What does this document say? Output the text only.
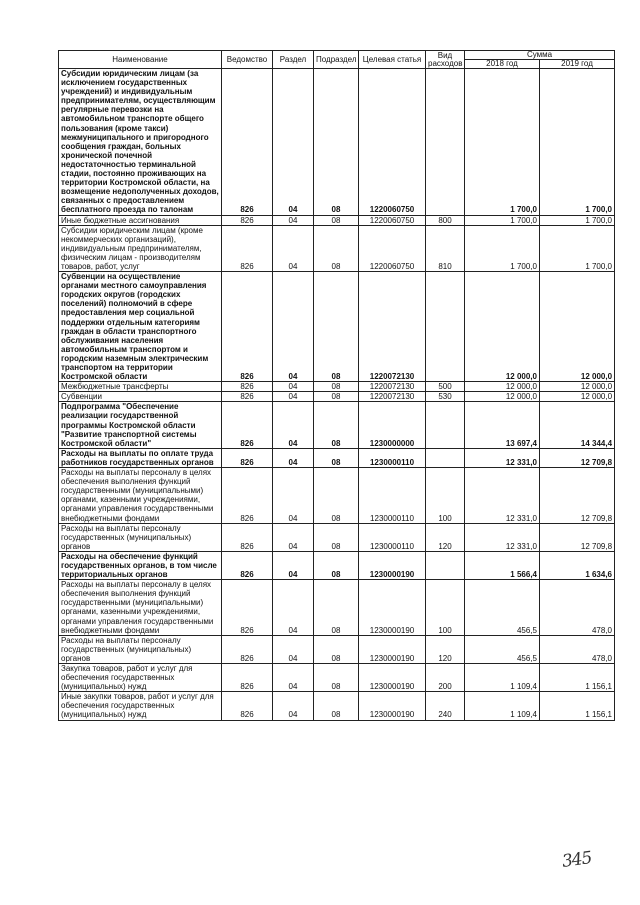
Наименование	Ведомство	Раздел	Подраздел	Целевая статья	Вид расходов	Сумма	
						2018 год	2019 год
Субсидии юридическим лицам (за исключением государственных учреждений) и индивидуальным предпринимателям, осуществляющим регулярные перевозки на автомобильном транспорте общего пользования (кроме такси) межмуниципального и пригородного сообщения граждан, больных хронической почечной недостаточностью терминальной стадии, постоянно проживающих на территории Костромской области, на возмещение недополученных доходов, связанных с предоставлением бесплатного проезда по талонам	826	04	08	1220060750		1 700,0	1 700,0
Иные бюджетные ассигнования	826	04	08	1220060750	800	1 700,0	1 700,0
Субсидии юридическим лицам (кроме некоммерческих организаций), индивидуальным предпринимателям, физическим лицам - производителям товаров, работ, услуг	826	04	08	1220060750	810	1 700,0	1 700,0
Субвенции на осуществление органами местного самоуправления городских округов (городских поселений) полномочий в сфере предоставления мер социальной поддержки отдельным категориям граждан в области транспортного обслуживания населения автомобильным транспортом и городским наземным электрическим транспортом на территории Костромской области	826	04	08	1220072130		12 000,0	12 000,0
Межбюджетные трансферты	826	04	08	1220072130	500	12 000,0	12 000,0
Субвенции	826	04	08	1220072130	530	12 000,0	12 000,0
Подпрограмма "Обеспечение реализации государственной программы Костромской области "Развитие транспортной системы Костромской области"	826	04	08	1230000000		13 697,4	14 344,4
Расходы на выплаты по оплате труда работников государственных органов	826	04	08	1230000110		12 331,0	12 709,8
Расходы на выплаты персоналу в целях обеспечения выполнения функций государственными (муниципальными) органами, казенными учреждениями, органами управления государственными внебюджетными фондами	826	04	08	1230000110	100	12 331,0	12 709,8
Расходы на выплаты персоналу государственных (муниципальных) органов	826	04	08	1230000110	120	12 331,0	12 709,8
Расходы на обеспечение функций государственных органов, в том числе территориальных органов	826	04	08	1230000190		1 566,4	1 634,6
Расходы на выплаты персоналу в целях обеспечения выполнения функций государственными (муниципальными) органами, казенными учреждениями, органами управления государственными внебюджетными фондами	826	04	08	1230000190	100	456,5	478,0
Расходы на выплаты персоналу государственных (муниципальных) органов	826	04	08	1230000190	120	456,5	478,0
Закупка товаров, работ и услуг для обеспечения государственных (муниципальных) нужд	826	04	08	1230000190	200	1 109,4	1 156,1
Иные закупки товаров, работ и услуг для обеспечения государственных (муниципальных) нужд	826	04	08	1230000190	240	1 109,4	1 156,1
345
